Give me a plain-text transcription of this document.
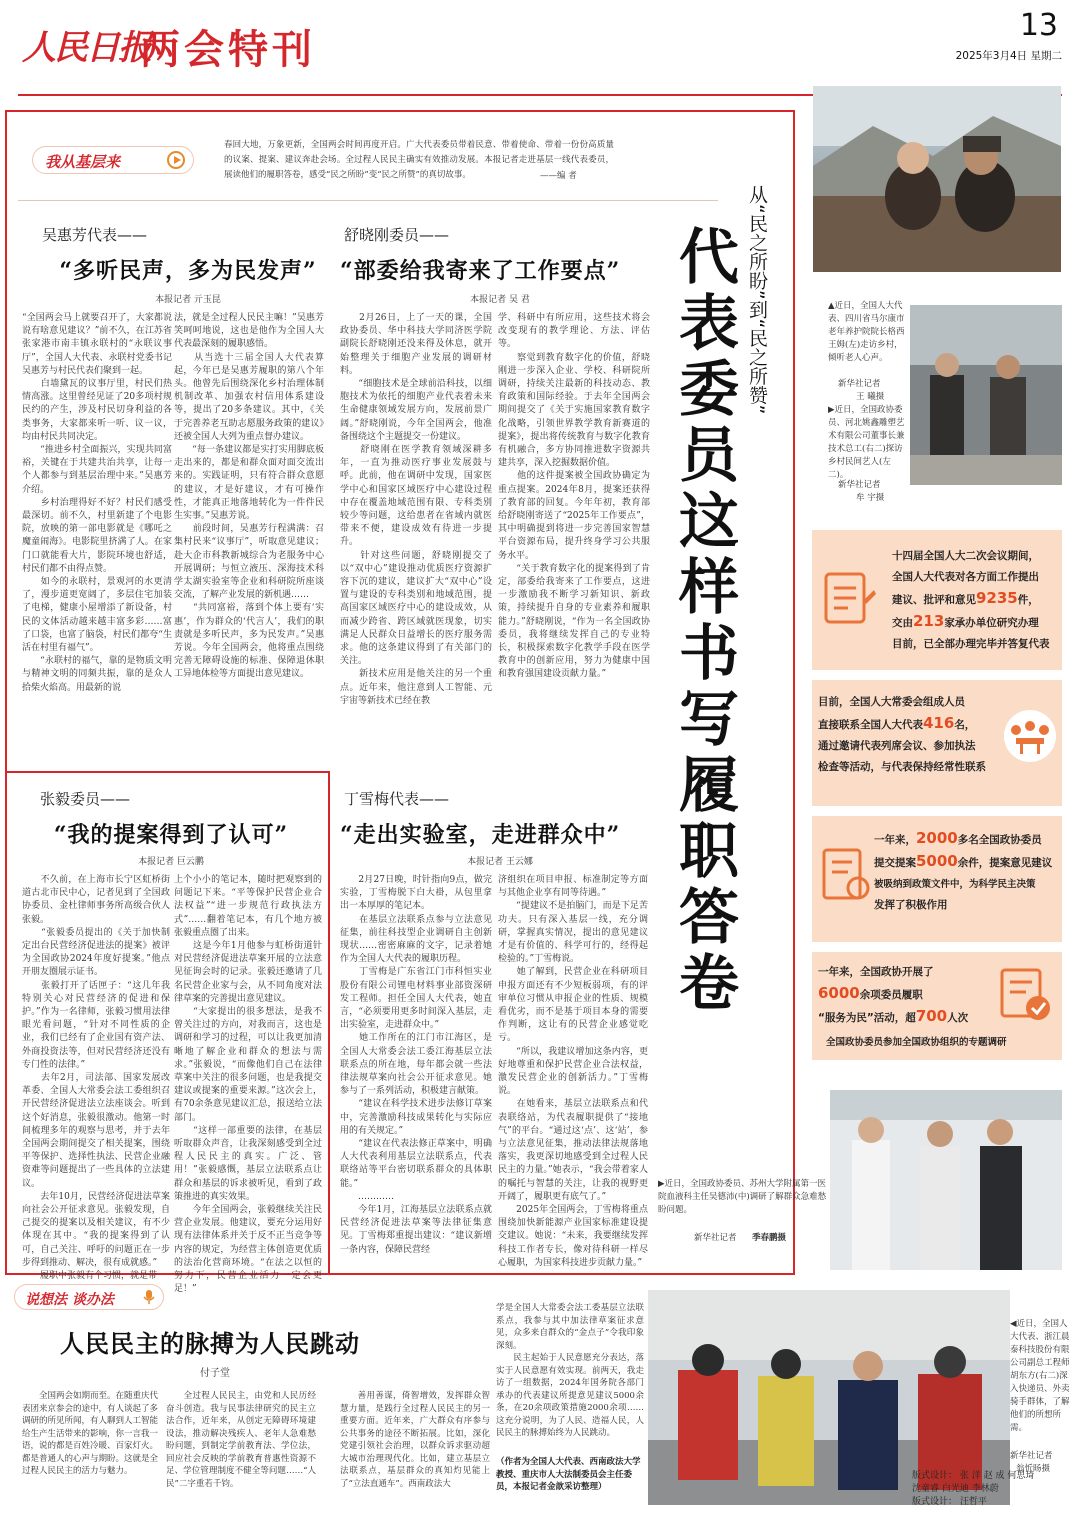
人民日报
两会特刊
13
2025年3月4日 星期二
我从基层来
春回大地，万象更新，全国两会时间再度开启。广大代表委员带着民意、带着使命、带着一份份高质量的议案、提案、建议奔赴会场。全过程人民民主确实有效推动发展。本报记者走进基层一线代表委员，展读他们的履职答卷，感受“民之所盼”变“民之所赞”的真切故事。	——编 者
从“民之所盼”到“民之所赞”
代表委员这样书写履职答卷
吴惠芳代表——
“多听民声，多为民发声”
本报记者 亓玉昆
“全国两会马上就要召开了，大家都说说有啥意见建议？”前不久，在江苏省张家港市南丰镇永联村的“永联议事厅”，全国人大代表、永联村党委书记吴惠芳与村民代表们聚到一起。
　　白墙黛瓦的议事厅里，村民们热情高涨。这里曾经见证了20多项村规民约的产生，涉及村民切身利益的各类事务，大家都来听一听、议一议，均由村民共同决定。
　　“推进乡村全面振兴，实现共同富裕，关键在于共建共治共享，让每一个人都参与到基层治理中来。”吴惠芳介绍。
　　乡村治理得好不好？村民们感受最深切。前不久，村里新建了个电影院，放映的第一部电影就是《哪吒之魔童闹海》。电影院里挤满了人。在家门口就能看大片，影院环境也舒适，村民们都不由得点赞。
　　如今的永联村，景观河的水更清了，漫步道更宽阔了，多层住宅加装了电梯，健康小屋增添了新设备，村民的文体活动越来越丰富多彩……富了口袋，也富了脑袋，村民们都夸“生活在村里有福气”。
　　“永联村的福气，靠的是物质文明与精神文明的同频共振，靠的是众人拾柴火焰高。用最新的说
法，就是全过程人民民主嘛！”吴惠芳笑呵呵地说，这也是他作为全国人大代表最深刻的履职感悟。
　　从当选十三届全国人大代表算起，今年已是吴惠芳履职的第八个年头。他曾先后围绕深化乡村治理体制机制改革、加强农村信用体系建设等，提出了20多条建议。其中，《关于完善养老互助志愿服务政策的建议》还被全国人大列为重点督办建议。
　　“每一条建议都是实打实用脚底板走出来的，都是和群众面对面交流出来的。实践证明，只有符合群众意愿的建议，才是好建议，才有可操作性，才能真正地落地转化为一件件民生实事。”吴惠芳说。
　　前段时间，吴惠芳行程满满：召集村民来“议事厅”，听取意见建议；赴大企市科教新城综合为老服务中心开展调研；与恒立液压、深海技术科学太湖实验室等企业和科研院所座谈交流，了解产业发展的新机遇……
　　“共同富裕，落到个体上要有‘实惠’，作为群众的‘代言人’，我们的职责就是多听民声，多为民发声。”吴惠芳说。今年全国两会，他将重点围绕完善无障碍设施的标准、保障退休职工异地体检等方面提出意见建议。
舒晓刚委员——
“部委给我寄来了工作要点”
本报记者 吴 君
　　2月26日，上了一天的课，全国政协委员、华中科技大学同济医学院副院长舒晓刚还没来得及休息，就开始整理关于细胞产业发展的调研材料。
　　“细胞技术是全球前沿科技，以细胞技术为依托的细胞产业代表着未来生命健康领域发展方向，发展前景广阔。”舒晓刚说，今年全国两会，他准备围绕这个主题提交一份建议。
　　舒晓刚在医学教育领域深耕多年，一直为推动医疗事业发展鼓与呼。此前，他在调研中发现，国家医学中心和国家区域医疗中心建设过程中存在覆盖地域范围有限、专科类别较少等问题，这给患者在省域内就医带来不便，建设成效有待进一步提升。
　　针对这些问题，舒晓刚提交了以“双中心”建设推动优质医疗资源扩容下沉的建议，建议扩大“双中心”设置与建设的专科类别和地域范围，提高国家区域医疗中心的建设成效，从而减少跨省、跨区域就医现象，切实满足人民群众日益增长的医疗服务需求。他的这条建议得到了有关部门的关注。
　　新技术应用是他关注的另一个重点。近年来，他注意到人工智能、元宇宙等新技术已经在教
学、科研中有所应用，这些技术将会改变现有的教学理论、方法、评估等。
　　察觉到教育数字化的价值，舒晓刚进一步深入企业、学校、科研院所调研，持续关注最新的科技动态、教育政策和国际经验。于去年全国两会期间提交了《关于实施国家教育数字化战略，引领世界教学教育新赛道的提案》，提出将传统教育与数字化教育有机融合，多方协同推进数字资源共建共享，深入挖掘数据价值。
　　他的这件提案被全国政协确定为重点提案。2024年8月，提案还获得了教育部的回复。今年年初，教育部给舒晓刚寄送了“2025年工作要点”，其中明确提到将进一步完善国家智慧平台资源布局，提升终身学习公共服务水平。
　　“关于教育数字化的提案得到了肯定，部委给我寄来了工作要点，这进一步激励我不断学习新知识、新政策，持续提升自身的专业素养和履职能力。”舒晓刚说，“作为一名全国政协委员，我将继续发挥自己的专业特长，积极探索数字化教学手段在医学教育中的创新应用，努力为健康中国和教育强国建设贡献力量。”
张毅委员——
“我的提案得到了认可”
本报记者 巨云鹏
　　不久前，在上海市长宁区虹桥街道古北市民中心，记者见到了全国政协委员、金杜律师事务所高级合伙人张毅。
　　“张毅委员提出的《关于加快制定出台民营经济促进法的提案》被评为全国政协2024年度好提案。”他点开朋友圈展示证书。
　　张毅打开了话匣子：“这几年我特别关心对民营经济的促进和保护。”作为一名律师，张毅习惯用法律眼光看问题，“针对不同性质的企业，我们已经有了企业国有资产法、外商投资法等，但对民营经济还没有专门性的法律。”
　　去年2月，司法部、国家发展改革委、全国人大常委会法工委组织召开民营经济促进法立法座谈会。听到这个好消息，张毅很激动。他第一时间梳理多年的观察与思考，并于去年全国两会期间提交了相关提案，围绕平等保护、选择性执法、民营企业融资难等问题提出了一些具体的立法建议。
　　去年10月，民营经济促进法草案向社会公开征求意见。张毅发现，自己提交的提案以及相关建议，有不少体现在其中。“我的提案得到了认可，自己关注、呼吁的问题正在一步步得到推动、解决，很有成就感。”
　　履职中张毅有个习惯，就是带
上个小小的笔记本，随时把观察到的问题记下来。“平等保护民营企业合法权益”“进一步规范行政执法方式”……翻着笔记本，有几个地方被张毅重点圈了出来。
　　这是今年1月他参与虹桥街道针对民营经济促进法草案开展的立法意见征询会时的记录。张毅还邀请了几名民营企业家与会，从不同角度对法律草案的完善提出意见建议。
　　“大家提出的很多想法，是我不曾关注过的方向，对我而言，这也是调研和学习的过程，可以让我更加清晰地了解企业和群众的想法与需求。”张毅说，“而像他们自己在法律草案中关注的很多问题，也是我提交建议或提案的重要来源。”这次会上，有70余条意见建议汇总，报送给立法部门。
　　“这样一部重要的法律，在基层听取群众声音，让我深刻感受到全过程人民民主的真实。广泛、管用！”张毅感慨，基层立法联系点让群众和基层的诉求被听见，看到了政策推进的真实效果。
　　今年全国两会，张毅继续关注民营企业发展。他建议，要充分运用好现有法律体系并关于反不正当竞争等内容的规定，为经营主体创造更优质的法治化营商环境。“在法之以恒的努力下，民营企业活力一定会更足！”
丁雪梅代表——
“走出实验室，走进群众中”
本报记者 王云娜
　　2月27日晚，时针指向9点，做完实验，丁雪梅脱下白大褂，从包里拿出一本厚厚的笔记本。
　　在基层立法联系点参与立法意见征集，前往科技型企业调研自主创新现状……密密麻麻的文字，记录着她作为全国人大代表的履职历程。
　　丁雪梅是广东省江门市科恒实业股份有限公司锂电材料事业部资深研发工程师。担任全国人大代表，她直言，“必须要用更多时间深入基层，走出实验室，走进群众中。”
　　她工作所在的江门市江海区，是全国人大常委会法工委江海基层立法联系点的所在地，每年都会就一些法律法规草案向社会公开征求意见。她参与了一系列活动，积极建言献策。
　　“建议在科学技术进步法修订草案中，完善激励科技成果转化与实际应用的有关规定。”
　　“建议在代表法修正草案中，明确人大代表利用基层立法联系点，代表联络站等平台密切联系群众的具体职能。”
　　…………
　　今年1月，江海基层立法联系点就民营经济促进法草案等法律征集意见。丁雪梅郑重提出建议：“建议新增一条内容，保障民营经
济组织在项目申报、标准制定等方面与其他企业享有同等待遇。”
　　“提建议不是拍脑门，而是下足苦功夫。只有深入基层一线，充分调研，掌握真实情况，提出的意见建议才是有价值的、科学可行的，经得起检验的。”丁雪梅说。
　　她了解到，民营企业在科研项目申报方面还有不少短板弱项，有的评审单位习惯从申报企业的性质、规模看优劣，而不是基于项目本身的需要作判断，这让有的民营企业感觉吃亏。
　　“所以，我建议增加这条内容，更好地尊重和保护民营企业合法权益，激发民营企业的创新活力。”丁雪梅说。
　　在她看来，基层立法联系点和代表联络站，为代表履职提供了“接地气”的平台。“通过这‘点’、这‘站’，参与立法意见征集，推动法律法规落地落实，我更深切地感受到全过程人民民主的力量。”她表示，“我会带着家人的嘱托与智慧的关注，让我的视野更开阔了，履职更有底气了。”
　　2025年全国两会，丁雪梅将重点围绕加快新能源产业国家标准建设提交建议。她说：“未来，我要继续发挥科技工作者专长，像对待科研一样尽心履职，为国家科技进步贡献力量。”
▲近日，全国人大代表、四川省马尔康市老年养护院院长格西王姆(左)走访乡村，倾听老人心声。
新华社记者
王 曦摄
▶近日，全国政协委员、河北姚鑫雕塑艺术有限公司董事长兼技术总工(右二)探访乡村民间艺人(左二)。
新华社记者
牟 宇摄
十四届全国人大二次会议期间，
全国人大代表对各方面工作提出
建议、批评和意见9235件，
交由213家承办单位研究办理
目前，已全部办理完毕并答复代表
目前，全国人大常委会组成人员
直接联系全国人大代表416名，
通过邀请代表列席会议、参加执法
检查等活动，与代表保持经常性联系
一年来，2000多名全国政协委员
提交提案5000余件，提案意见建议
被吸纳到政策文件中，为科学民主决策
发挥了积极作用
一年来，全国政协开展了
6000余项委员履职
“服务为民”活动，超700人次
全国政协委员参加全国政协组织的专题调研
▶近日，全国政协委员、苏州大学附属第一医院血液科主任吴德沛(中)调研了解群众急难愁盼问题。
新华社记者 季春鹏摄
◀近日，全国人大代表、浙江晨泰科技股份有限公司副总工程师胡东方(右二)深入快递员、外卖骑手群体，了解他们的所想所需。
新华社记者
翁忻旸摄
版式设计： 张 洋 赵 成 何思琦
沈童睿 白光迪 李林蔚
版式设计： 汪哲平
说想法 谈办法
人民民主的脉搏为人民跳动
付子堂
　　全国两会如期而至。在随重庆代表团来京参会的途中，有人谈起了多调研的所见所闻，有人聊到人工智能给生产生活带来的影响，你一言我一语，说的都是百姓冷暖、百家灯火。都是普通人的心声与期盼。这就是全过程人民民主的活力与魅力。
　　全过程人民民主，由党和人民历经奋斗创造。我与民事法律研究的民主立法合作，近年来，从创定无障碍环境建设法，推动解决残疾人、老年人急难愁盼问题，到制定学前教育法、学位法，回应社会反映的学前教育普惠性资源不足、学位管理制度不健全等问题……“人民”二字重若千钧。
　　善用善谋，倚智增效，发挥群众智慧力量，是践行全过程人民民主的另一重要方面。近年来，广大群众有序参与公共事务的途径不断拓展。比如，深化党建引领社会治理，以群众诉求驱动超大城市治理现代化。比如，建立基层立法联系点，基层群众的真知灼见能上了“立法直通车”。西南政法大
学是全国人大常委会法工委基层立法联系点，我参与其中加法律草案征求意见，众多来自群众的“金点子”令我印象深刻。
　　民主起始于人民意愿充分表达，落实于人民意愿有效实现。前两天，我走访了一组数据，2024年国务院各部门承办的代表建议所提意见建议5000余条，在20余项政策措施2000余项……这充分说明，为了人民、造福人民，人民民主的脉搏始终为人民跳动。
（作者为全国人大代表、西南政法大学教授、重庆市人大法制委员会主任委员，本报记者金歆采访整理）
